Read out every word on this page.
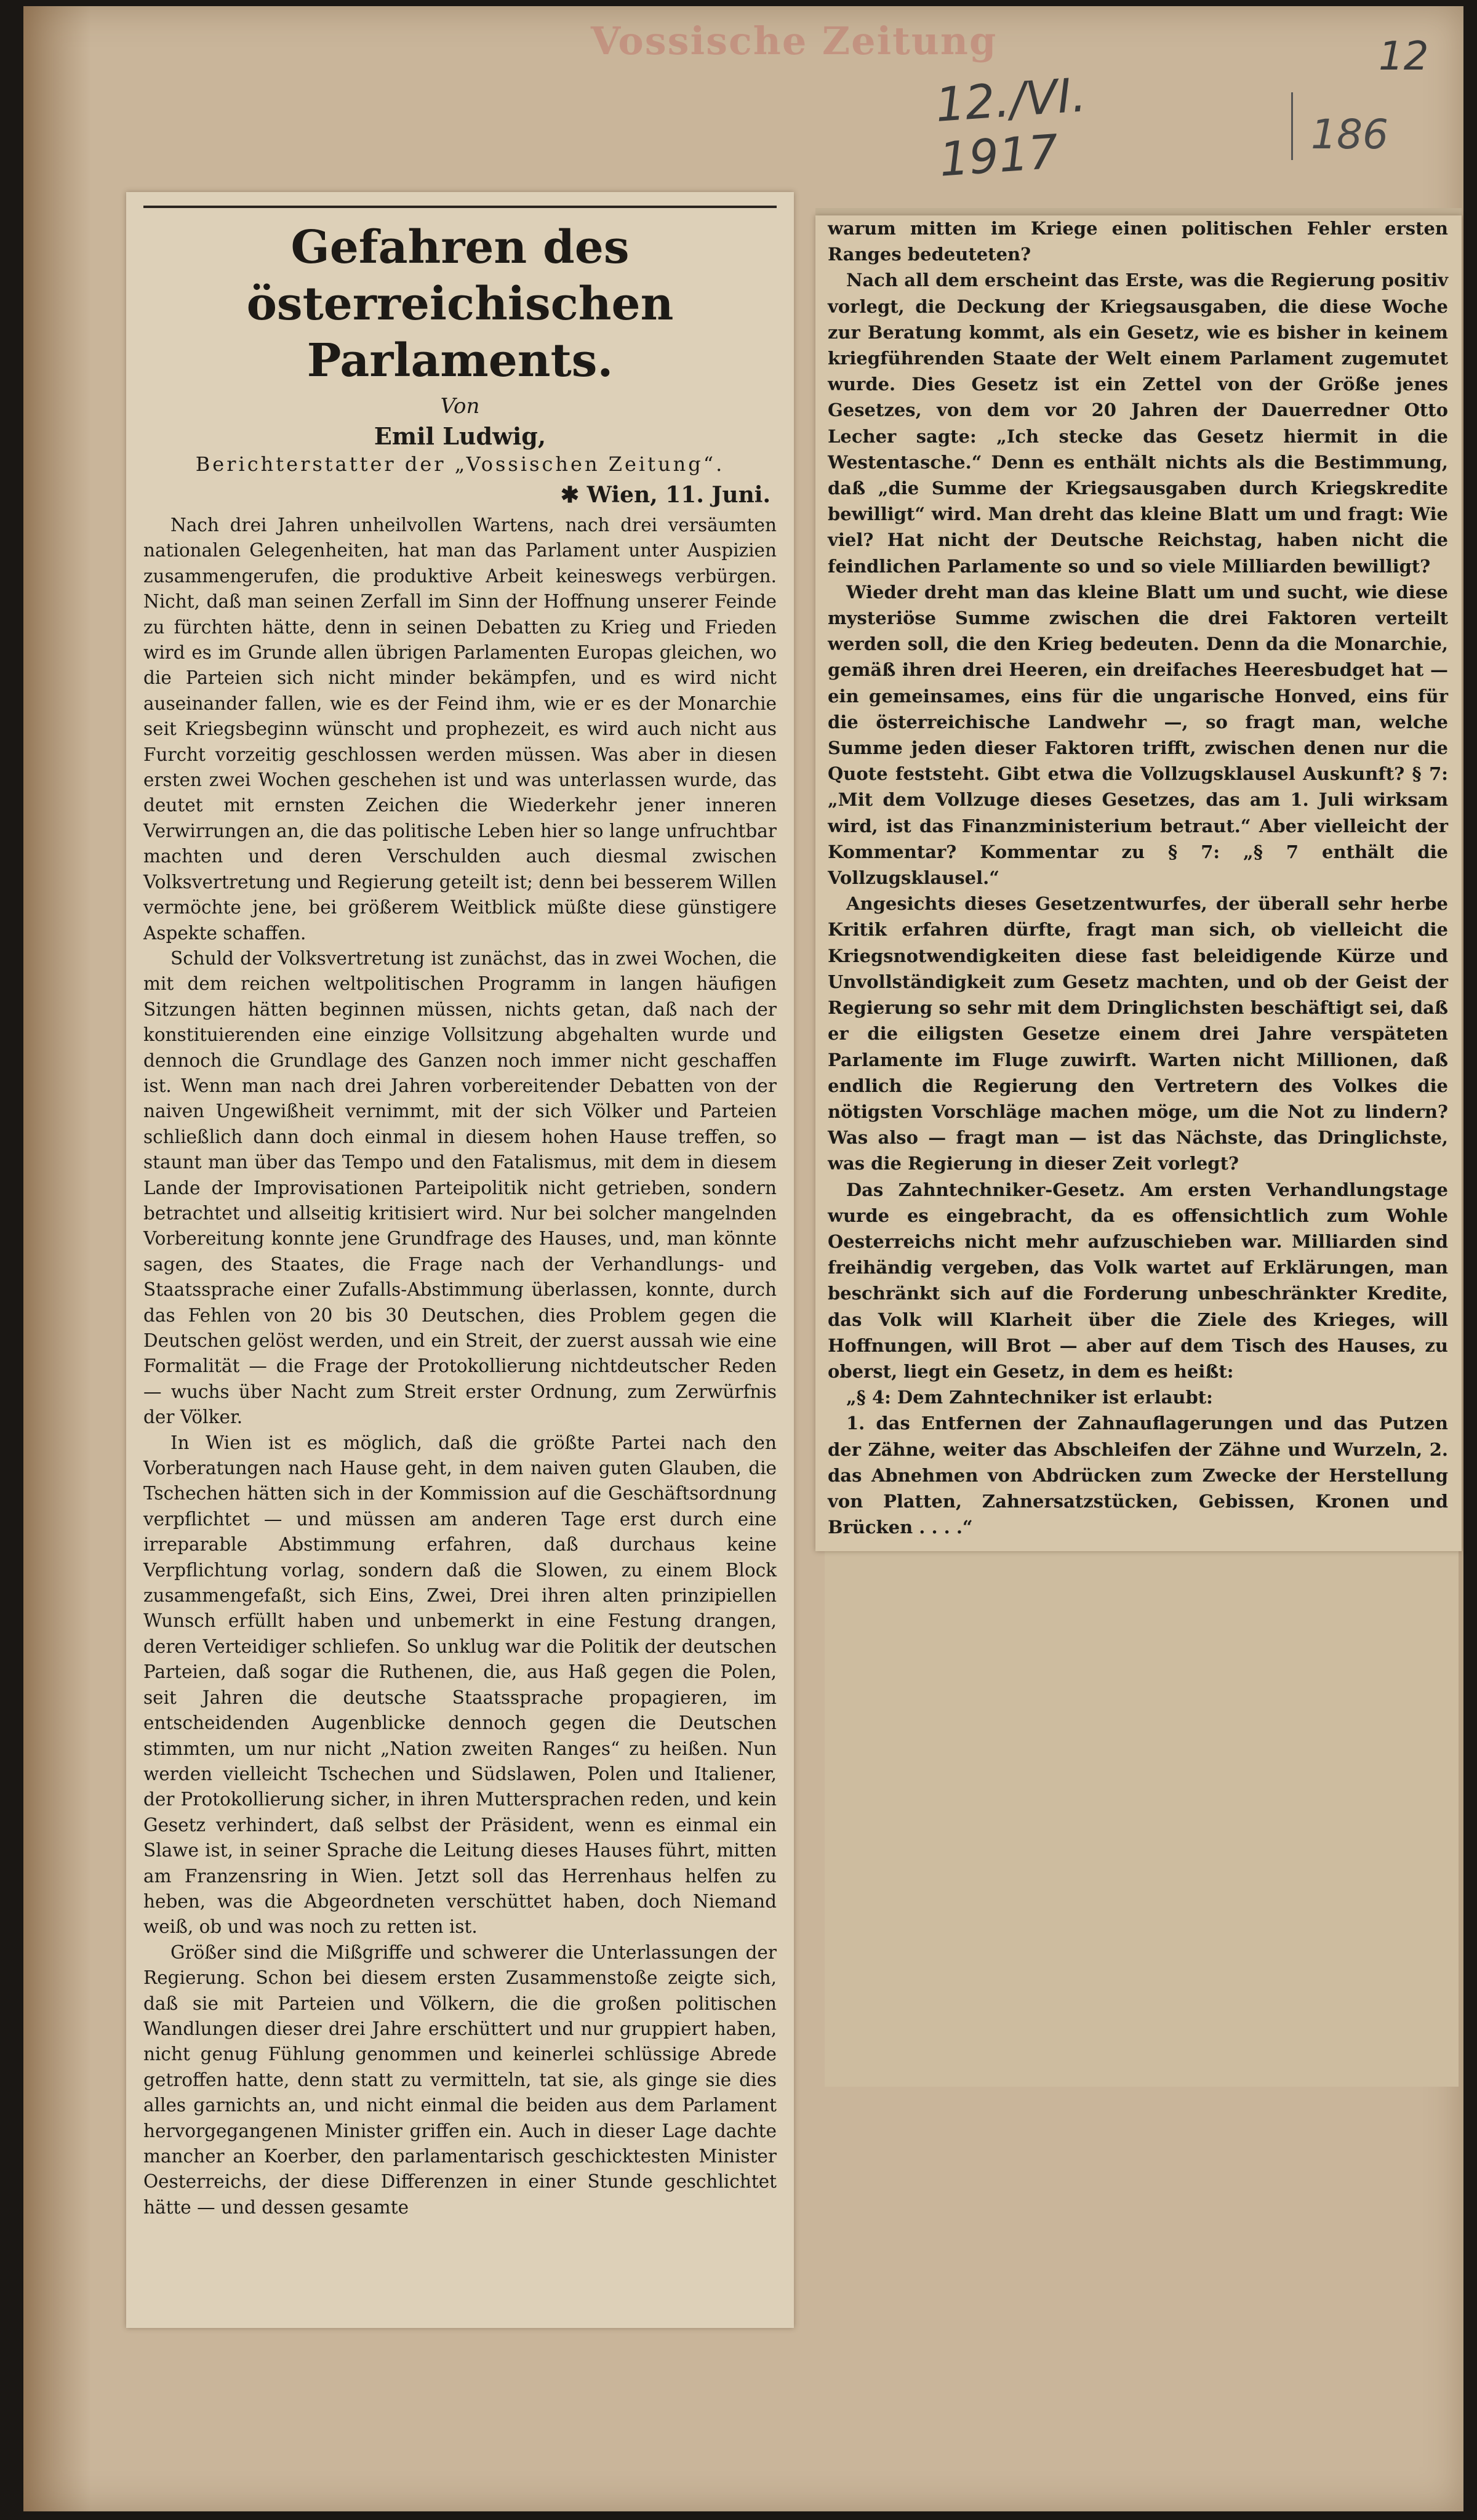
Vossische Zeitung
12./VI. 1917
12
186
Gefahren des österreichischen
Parlaments.
Von
Emil Ludwig,
Berichterstatter der „Vossischen Zeitung“.
✱ Wien, 11. Juni.

Nach drei Jahren unheilvollen Wartens, nach drei versäumten nationalen Gelegenheiten, hat man das Parlament unter Auspizien zusammengerufen, die produktive Arbeit keineswegs verbürgen. Nicht, daß man seinen Zerfall im Sinn der Hoffnung unserer Feinde zu fürchten hätte, denn in seinen Debatten zu Krieg und Frieden wird es im Grunde allen übrigen Parlamenten Europas gleichen, wo die Parteien sich nicht minder bekämpfen, und es wird nicht auseinander fallen, wie es der Feind ihm, wie er es der Monarchie seit Kriegsbeginn wünscht und prophezeit, es wird auch nicht aus Furcht vorzeitig geschlossen werden müssen. Was aber in diesen ersten zwei Wochen geschehen ist und was unterlassen wurde, das deutet mit ernsten Zeichen die Wiederkehr jener inneren Verwirrungen an, die das politische Leben hier so lange unfruchtbar machten und deren Verschulden auch diesmal zwischen Volksvertretung und Regierung geteilt ist; denn bei besserem Willen vermöchte jene, bei größerem Weitblick müßte diese günstigere Aspekte schaffen.

Schuld der Volksvertretung ist zunächst, das in zwei Wochen, die mit dem reichen weltpolitischen Programm in langen häufigen Sitzungen hätten beginnen müssen, nichts getan, daß nach der konstituierenden eine einzige Vollsitzung abgehalten wurde und dennoch die Grundlage des Ganzen noch immer nicht geschaffen ist. Wenn man nach drei Jahren vorbereitender Debatten von der naiven Ungewißheit vernimmt, mit der sich Völker und Parteien schließlich dann doch einmal in diesem hohen Hause treffen, so staunt man über das Tempo und den Fatalismus, mit dem in diesem Lande der Improvisationen Parteipolitik nicht getrieben, sondern betrachtet und allseitig kritisiert wird. Nur bei solcher mangelnden Vorbereitung konnte jene Grundfrage des Hauses, und, man könnte sagen, des Staates, die Frage nach der Verhandlungs- und Staatssprache einer Zufalls-Abstimmung überlassen, konnte, durch das Fehlen von 20 bis 30 Deutschen, dies Problem gegen die Deutschen gelöst werden, und ein Streit, der zuerst aussah wie eine Formalität — die Frage der Protokollierung nichtdeutscher Reden — wuchs über Nacht zum Streit erster Ordnung, zum Zerwürfnis der Völker.

In Wien ist es möglich, daß die größte Partei nach den Vorberatungen nach Hause geht, in dem naiven guten Glauben, die Tschechen hätten sich in der Kommission auf die Geschäftsordnung verpflichtet — und müssen am anderen Tage erst durch eine irreparable Abstimmung erfahren, daß durchaus keine Verpflichtung vorlag, sondern daß die Slowen, zu einem Block zusammengefaßt, sich Eins, Zwei, Drei ihren alten prinzipiellen Wunsch erfüllt haben und unbemerkt in eine Festung drangen, deren Verteidiger schliefen. So unklug war die Politik der deutschen Parteien, daß sogar die Ruthenen, die, aus Haß gegen die Polen, seit Jahren die deutsche Staatssprache propagieren, im entscheidenden Augenblicke dennoch gegen die Deutschen stimmten, um nur nicht „Nation zweiten Ranges“ zu heißen. Nun werden vielleicht Tschechen und Südslawen, Polen und Italiener, der Protokollierung sicher, in ihren Muttersprachen reden, und kein Gesetz verhindert, daß selbst der Präsident, wenn es einmal ein Slawe ist, in seiner Sprache die Leitung dieses Hauses führt, mitten am Franzensring in Wien. Jetzt soll das Herrenhaus helfen zu heben, was die Abgeordneten verschüttet haben, doch Niemand weiß, ob und was noch zu retten ist.

Größer sind die Mißgriffe und schwerer die Unterlassungen der Regierung. Schon bei diesem ersten Zusammenstoße zeigte sich, daß sie mit Parteien und Völkern, die die großen politischen Wandlungen dieser drei Jahre erschüttert und nur gruppiert haben, nicht genug Fühlung genommen und keinerlei schlüssige Abrede getroffen hatte, denn statt zu vermitteln, tat sie, als ginge sie dies alles garnichts an, und nicht einmal die beiden aus dem Parlament hervorgegangenen Minister griffen ein. Auch in dieser Lage dachte mancher an Koerber, den parlamentarisch geschicktesten Minister Oesterreichs, der diese Differenzen in einer Stunde geschlichtet hätte — und dessen gesamte

warum mitten im Kriege einen politischen Fehler ersten Ranges bedeuteten?

Nach all dem erscheint das Erste, was die Regierung positiv vorlegt, die Deckung der Kriegsausgaben, die diese Woche zur Beratung kommt, als ein Gesetz, wie es bisher in keinem kriegführenden Staate der Welt einem Parlament zugemutet wurde. Dies Gesetz ist ein Zettel von der Größe jenes Gesetzes, von dem vor 20 Jahren der Dauerredner Otto Lecher sagte: „Ich stecke das Gesetz hiermit in die Westentasche.“ Denn es enthält nichts als die Bestimmung, daß „die Summe der Kriegsausgaben durch Kriegskredite bewilligt“ wird. Man dreht das kleine Blatt um und fragt: Wie viel? Hat nicht der Deutsche Reichstag, haben nicht die feindlichen Parlamente so und so viele Milliarden bewilligt?

Wieder dreht man das kleine Blatt um und sucht, wie diese mysteriöse Summe zwischen die drei Faktoren verteilt werden soll, die den Krieg bedeuten. Denn da die Monarchie, gemäß ihren drei Heeren, ein dreifaches Heeresbudget hat — ein gemeinsames, eins für die ungarische Honved, eins für die österreichische Landwehr —, so fragt man, welche Summe jeden dieser Faktoren trifft, zwischen denen nur die Quote feststeht. Gibt etwa die Vollzugsklausel Auskunft? § 7: „Mit dem Vollzuge dieses Gesetzes, das am 1. Juli wirksam wird, ist das Finanzministerium betraut.“ Aber vielleicht der Kommentar? Kommentar zu § 7: „§ 7 enthält die Vollzugsklausel.“

Angesichts dieses Gesetzentwurfes, der überall sehr herbe Kritik erfahren dürfte, fragt man sich, ob vielleicht die Kriegsnotwendigkeiten diese fast beleidigende Kürze und Unvollständigkeit zum Gesetz machten, und ob der Geist der Regierung so sehr mit dem Dringlichsten beschäftigt sei, daß er die eiligsten Gesetze einem drei Jahre verspäteten Parlamente im Fluge zuwirft. Warten nicht Millionen, daß endlich die Regierung den Vertretern des Volkes die nötigsten Vorschläge machen möge, um die Not zu lindern? Was also — fragt man — ist das Nächste, das Dringlichste, was die Regierung in dieser Zeit vorlegt?

Das Zahntechniker-Gesetz. Am ersten Verhandlungstage wurde es eingebracht, da es offensichtlich zum Wohle Oesterreichs nicht mehr aufzuschieben war. Milliarden sind freihändig vergeben, das Volk wartet auf Erklärungen, man beschränkt sich auf die Forderung unbeschränkter Kredite, das Volk will Klarheit über die Ziele des Krieges, will Hoffnungen, will Brot — aber auf dem Tisch des Hauses, zu oberst, liegt ein Gesetz, in dem es heißt:

„§ 4: Dem Zahntechniker ist erlaubt:

1. das Entfernen der Zahnauflagerungen und das Putzen der Zähne, weiter das Abschleifen der Zähne und Wurzeln, 2. das Abnehmen von Abdrücken zum Zwecke der Herstellung von Platten, Zahnersatzstücken, Gebissen, Kronen und Brücken . . . .“
